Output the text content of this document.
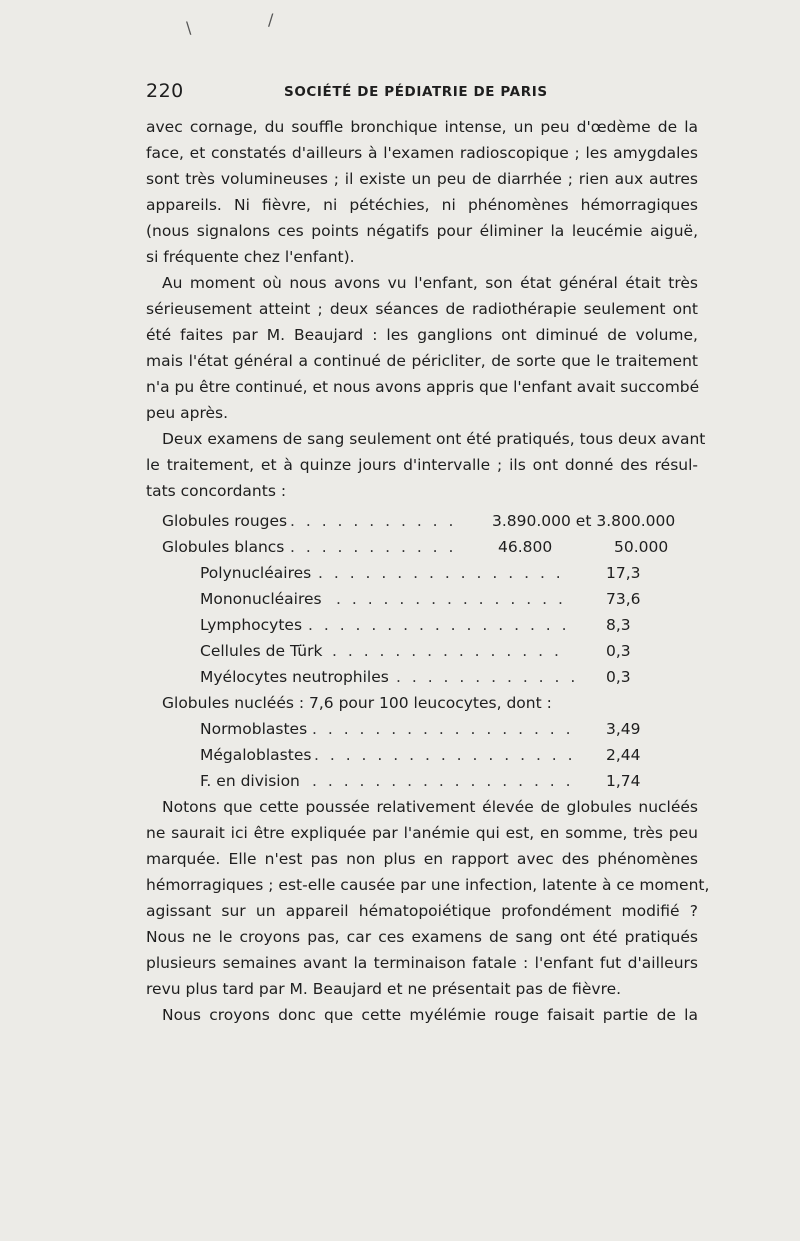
\	/
220	SOCIÉTÉ DE PÉDIATRIE DE PARIS
avec cornage, du souffle bronchique intense, un peu d'œdème de la
face, et constatés d'ailleurs à l'examen radioscopique ; les amygdales
sont très volumineuses ; il existe un peu de diarrhée ; rien aux autres
appareils. Ni fièvre, ni pétéchies, ni phénomènes hémorragiques
(nous signalons ces points négatifs pour éliminer la leucémie aiguë,
si fréquente chez l'enfant).
Au moment où nous avons vu l'enfant, son état général était très
sérieusement atteint ; deux séances de radiothérapie seulement ont
été faites par M. Beaujard : les ganglions ont diminué de volume,
mais l'état général a continué de péricliter, de sorte que le traitement
n'a pu être continué, et nous avons appris que l'enfant avait succombé
peu après.
Deux examens de sang seulement ont été pratiqués, tous deux avant
le traitement, et à quinze jours d'intervalle ; ils ont donné des résul-
tats concordants :
Globules rouges . . . . . . . . . . . 3.890.000 et 3.800.000
Globules blancs . . . . . . . . . . .	46.800	50.000
Polynucléaires . . . . . . . . . . . . . . . .	17,3
Mononucléaires . . . . . . . . . . . . . . .	73,6
Lymphocytes . . . . . . . . . . . . . . . . . 8,3
Cellules de Türk . . . . . . . . . . . . . . .	0,3
Myélocytes neutrophiles . . . . . . . . . . . . 0,3
Globules nucléés : 7,6 pour 100 leucocytes, dont :
Normoblastes . . . . . . . . . . . . . . . . . 3,49
Mégaloblastes . . . . . . . . . . . . . . . . . 2,44
F. en division . . . . . . . . . . . . . . . . . 1,74
Notons que cette poussée relativement élevée de globules nucléés
ne saurait ici être expliquée par l'anémie qui est, en somme, très peu
marquée. Elle n'est pas non plus en rapport avec des phénomènes
hémorragiques ; est-elle causée par une infection, latente à ce moment,
agissant sur un appareil hématopoiétique profondément modifié ?
Nous ne le croyons pas, car ces examens de sang ont été pratiqués
plusieurs semaines avant la terminaison fatale : l'enfant fut d'ailleurs
revu plus tard par M. Beaujard et ne présentait pas de fièvre.
Nous croyons donc que cette myélémie rouge faisait partie de la
